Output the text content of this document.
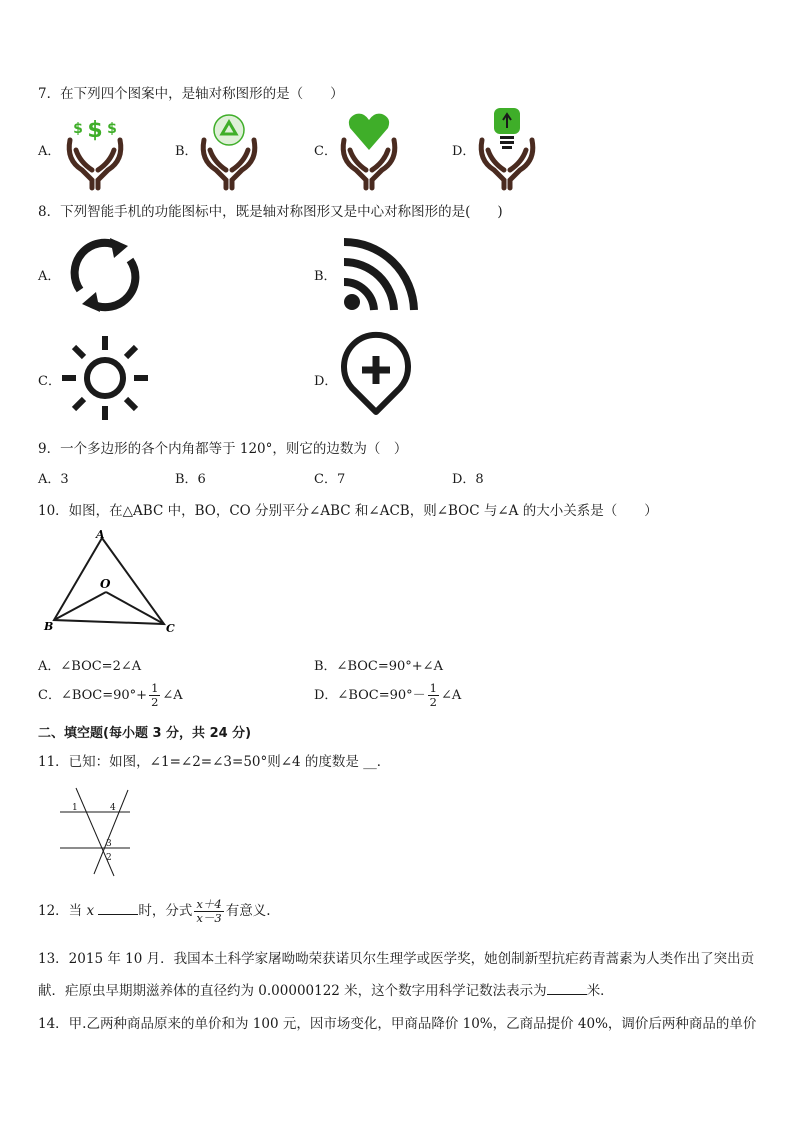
7．在下列四个图案中，是轴对称图形的是（　　）
A．
$
$ $
B．	C．	D．
8．下列智能手机的功能图标中，既是轴对称图形又是中心对称图形的是(　　)
A．	B．
C．	D．
9．一个多边形的各个内角都等于 120°，则它的边数为（　）
A．3	B．6	C．7	D．8
10．如图，在△ABC 中，BO，CO 分别平分∠ABC 和∠ACB，则∠BOC 与∠A 的大小关系是（　　）
A
O
B	C
A．∠BOC=2∠A	B．∠BOC=90°+∠A
C．∠BOC=90°+ $\frac{1}{2}$ ∠A	D．∠BOC=90°－ $\frac{1}{2}$ ∠A
二、填空题(每小题 3 分，共 24 分)
11．已知：如图，∠1=∠2=∠3=50°则∠4 的度数是 __．
1	4
3
2
12．当 x	时，分式 $\frac{x+4}{x-3}$ 有意义.
13．2015 年 10 月．我国本土科学家屠呦呦荣获诺贝尔生理学或医学奖，她创制新型抗疟药青蒿素为人类作出了突出贡
献．疟原虫早期期滋养体的直径约为 0.00000122 米，这个数字用科学记数法表示为	米．
14．甲.乙两种商品原来的单价和为 100 元，因市场变化，甲商品降价 10%，乙商品提价 40%，调价后两种商品的单价
